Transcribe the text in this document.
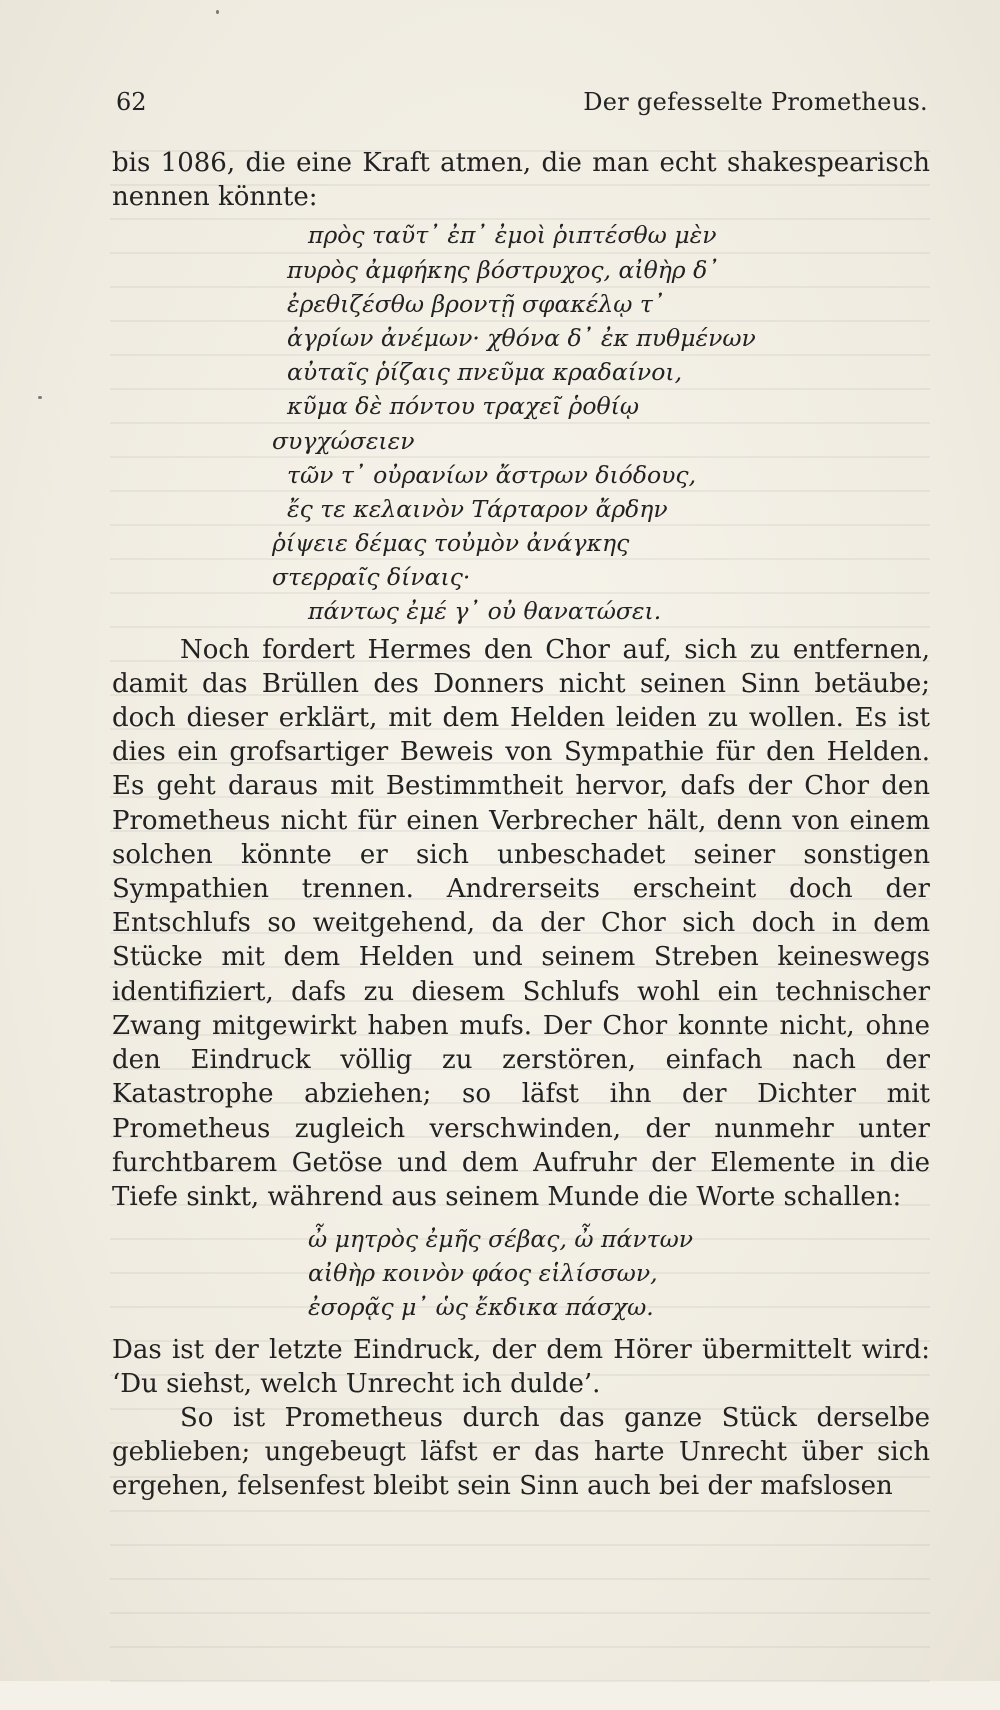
62	Der gefesselte Prometheus.

bis 1086, die eine Kraft atmen, die man echt shakespearisch nennen könnte:

πρὸς ταῦτ᾽ ἐπ᾽ ἐμοὶ ῥιπτέσθω μὲν
πυρὸς ἀμφήκης βόστρυχος, αἰθὴρ δ᾽
ἐρεθιζέσθω βροντῇ σφακέλῳ τ᾽
ἀγρίων ἀνέμων· χθόνα δ᾽ ἐκ πυθμένων
αὐταῖς ῥίζαις πνεῦμα κραδαίνοι,
κῦμα δὲ πόντου τραχεῖ ῥοθίῳ
συγχώσειεν
τῶν τ᾽ οὐρανίων ἄστρων διόδους,
ἔς τε κελαινὸν Τάρταρον ἄρδην
ῥίψειε δέμας τοὐμὸν ἀνάγκης
στερραῖς δίναις·
πάντως ἐμέ γ᾽ οὐ θανατώσει.

Noch fordert Hermes den Chor auf, sich zu entfernen, damit das Brüllen des Donners nicht seinen Sinn betäube; doch dieser erklärt, mit dem Helden leiden zu wollen. Es ist dies ein grofsartiger Beweis von Sympathie für den Helden. Es geht daraus mit Bestimmtheit hervor, dafs der Chor den Prometheus nicht für einen Verbrecher hält, denn von einem solchen könnte er sich unbeschadet seiner sonstigen Sympathien trennen. Andrerseits erscheint doch der Entschlufs so weitgehend, da der Chor sich doch in dem Stücke mit dem Helden und seinem Streben keineswegs identifiziert, dafs zu diesem Schlufs wohl ein technischer Zwang mitgewirkt haben mufs. Der Chor konnte nicht, ohne den Eindruck völlig zu zerstören, einfach nach der Katastrophe abziehen; so läfst ihn der Dichter mit Prometheus zugleich verschwinden, der nunmehr unter furchtbarem Getöse und dem Aufruhr der Elemente in die Tiefe sinkt, während aus seinem Munde die Worte schallen:

ὦ μητρὸς ἐμῆς σέβας, ὦ πάντων
αἰθὴρ κοινὸν φάος εἱλίσσων,
ἐσορᾷς μ᾽ ὡς ἔκδικα πάσχω.

Das ist der letzte Eindruck, der dem Hörer übermittelt wird: ‘Du siehst, welch Unrecht ich dulde’.

So ist Prometheus durch das ganze Stück derselbe geblieben; ungebeugt läfst er das harte Unrecht über sich ergehen, felsenfest bleibt sein Sinn auch bei der mafslosen
